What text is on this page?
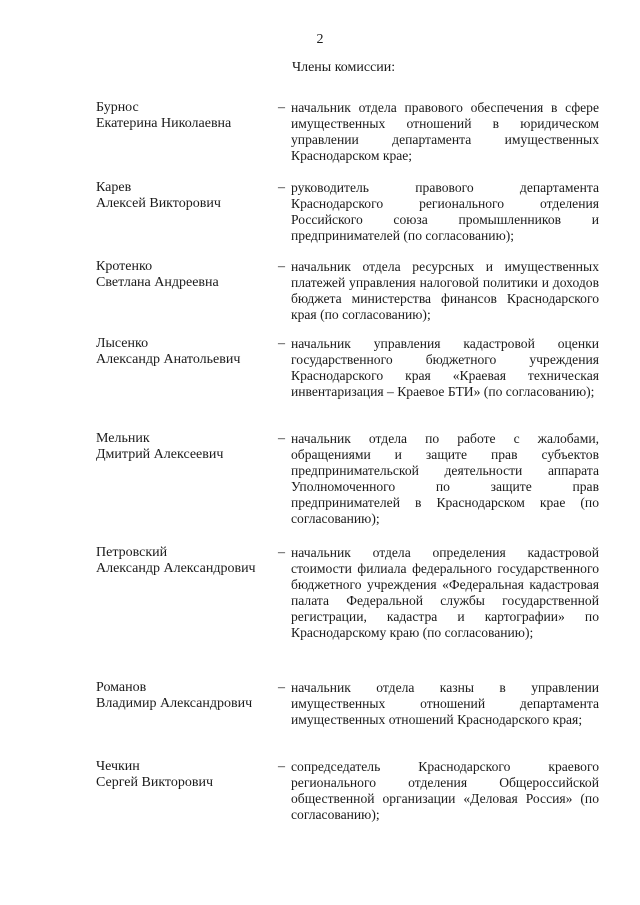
2
Члены комиссии:
Бурнос
Екатерина Николаевна
– начальник отдела правового обеспечения в сфере имущественных отношений в юридическом управлении департамента имущественных Краснодарском крае;
Карев
Алексей Викторович
– руководитель правового департамента Краснодарского регионального отделения Российского союза промышленников и предпринимателей (по согласованию);
Кротенко
Светлана Андреевна
– начальник отдела ресурсных и имущественных платежей управления налоговой политики и доходов бюджета министерства финансов Краснодарского края (по согласованию);
Лысенко
Александр Анатольевич
– начальник управления кадастровой оценки государственного бюджетного учреждения Краснодарского края «Краевая техническая инвентаризация – Краевое БТИ» (по согласованию);
Мельник
Дмитрий Алексеевич
– начальник отдела по работе с жалобами, обращениями и защите прав субъектов предпринимательской деятельности аппарата Уполномоченного по защите прав предпринимателей в Краснодарском крае (по согласованию);
Петровский
Александр Александрович
– начальник отдела определения кадастровой стоимости филиала федерального государственного бюджетного учреждения «Федеральная кадастровая палата Федеральной службы государственной регистрации, кадастра и картографии» по Краснодарскому краю (по согласованию);
Романов
Владимир Александрович
– начальник отдела казны в управлении имущественных отношений департамента имущественных отношений Краснодарского края;
Чечкин
Сергей Викторович
– сопредседатель Краснодарского краевого регионального отделения Общероссийской общественной организации «Деловая Россия» (по согласованию);
